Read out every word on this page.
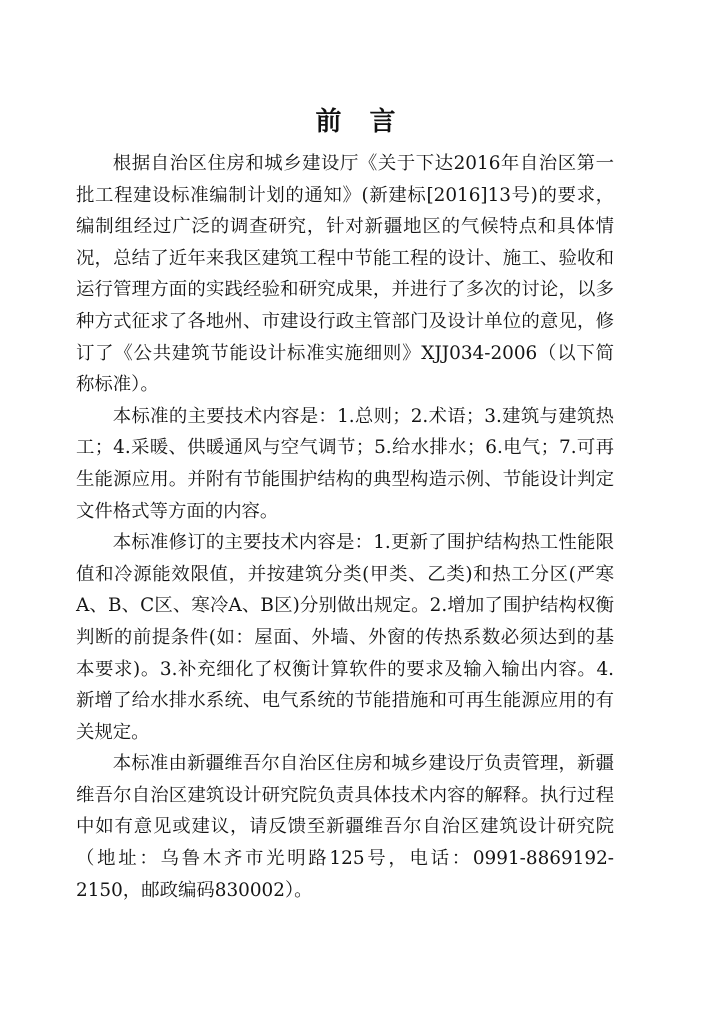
前言

根据自治区住房和城乡建设厅《关于下达2016年自治区第一批工程建设标准编制计划的通知》(新建标[2016]13号)的要求，编制组经过广泛的调查研究，针对新疆地区的气候特点和具体情况，总结了近年来我区建筑工程中节能工程的设计、施工、验收和运行管理方面的实践经验和研究成果，并进行了多次的讨论，以多种方式征求了各地州、市建设行政主管部门及设计单位的意见，修订了《公共建筑节能设计标准实施细则》XJJ034-2006（以下简称标准）。

本标准的主要技术内容是：1.总则；2.术语；3.建筑与建筑热工；4.采暖、供暖通风与空气调节；5.给水排水；6.电气；7.可再生能源应用。并附有节能围护结构的典型构造示例、节能设计判定文件格式等方面的内容。

本标准修订的主要技术内容是：1.更新了围护结构热工性能限值和冷源能效限值，并按建筑分类(甲类、乙类)和热工分区(严寒A、B、C区、寒冷A、B区)分别做出规定。2.增加了围护结构权衡判断的前提条件(如：屋面、外墙、外窗的传热系数必须达到的基本要求)。3.补充细化了权衡计算软件的要求及输入输出内容。4.新增了给水排水系统、电气系统的节能措施和可再生能源应用的有关规定。

本标准由新疆维吾尔自治区住房和城乡建设厅负责管理，新疆维吾尔自治区建筑设计研究院负责具体技术内容的解释。执行过程中如有意见或建议，请反馈至新疆维吾尔自治区建筑设计研究院（地址：乌鲁木齐市光明路125号，电话：0991-8869192-2150，邮政编码830002）。
